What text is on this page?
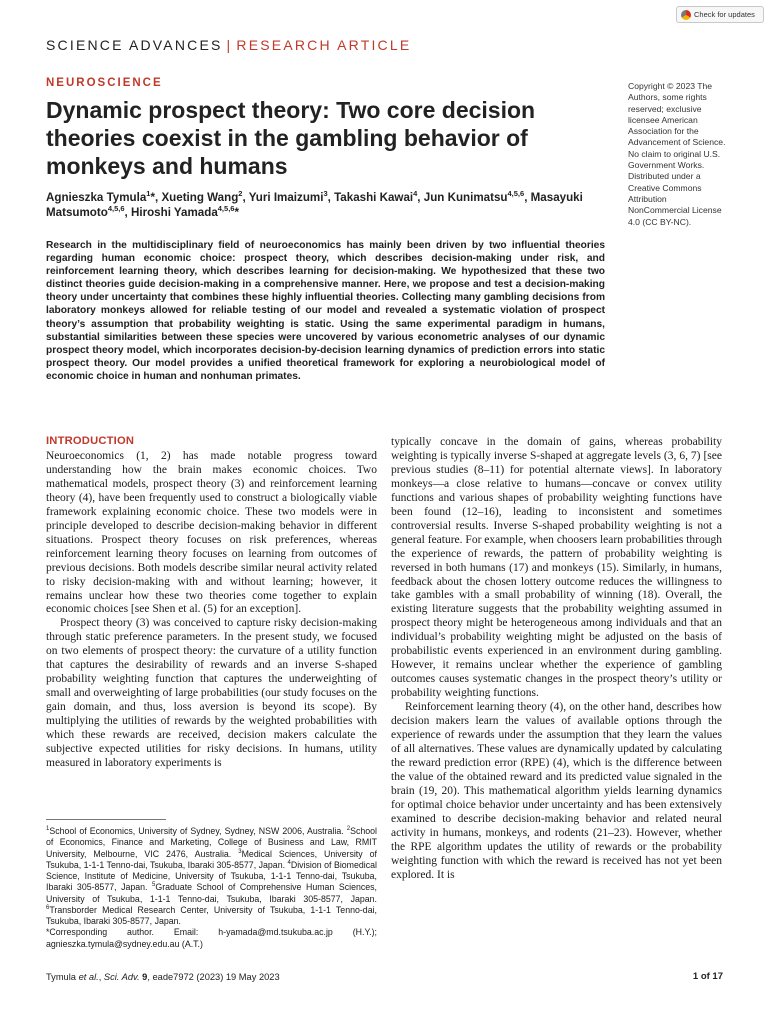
Check for updates
SCIENCE ADVANCES | RESEARCH ARTICLE
NEUROSCIENCE
Dynamic prospect theory: Two core decision theories coexist in the gambling behavior of monkeys and humans
Agnieszka Tymula$^1$*, Xueting Wang$^2$, Yuri Imaizumi$^3$, Takashi Kawai$^4$, Jun Kunimatsu$^{4,5,6}$, Masayuki Matsumoto$^{4,5,6}$, Hiroshi Yamada$^{4,5,6}$*
Copyright © 2023 The Authors, some rights reserved; exclusive licensee American Association for the Advancement of Science. No claim to original U.S. Government Works. Distributed under a Creative Commons Attribution NonCommercial License 4.0 (CC BY-NC).

Research in the multidisciplinary field of neuroeconomics has mainly been driven by two influential theories regarding human economic choice: prospect theory, which describes decision-making under risk, and reinforcement learning theory, which describes learning for decision-making. We hypothesized that these two distinct theories guide decision-making in a comprehensive manner. Here, we propose and test a decision-making theory under uncertainty that combines these highly influential theories. Collecting many gambling decisions from laboratory monkeys allowed for reliable testing of our model and revealed a systematic violation of prospect theory’s assumption that probability weighting is static. Using the same experimental paradigm in humans, substantial similarities between these species were uncovered by various econometric analyses of our dynamic prospect theory model, which incorporates decision-by-decision learning dynamics of prediction errors into static prospect theory. Our model provides a unified theoretical framework for exploring a neurobiological model of economic choice in human and nonhuman primates.

INTRODUCTION

Neuroeconomics (1, 2) has made notable progress toward understanding how the brain makes economic choices. Two mathematical models, prospect theory (3) and reinforcement learning theory (4), have been frequently used to construct a biologically viable framework explaining economic choice. These two models were in principle developed to describe decision-making behavior in different situations. Prospect theory focuses on risk preferences, whereas reinforcement learning theory focuses on learning from outcomes of previous decisions. Both models describe similar neural activity related to risky decision-making with and without learning; however, it remains unclear how these two theories come together to explain economic choices [see Shen et al. (5) for an exception].

Prospect theory (3) was conceived to capture risky decision-making through static preference parameters. In the present study, we focused on two elements of prospect theory: the curvature of a utility function that captures the desirability of rewards and an inverse S-shaped probability weighting function that captures the underweighting of small and overweighting of large probabilities (our study focuses on the gain domain, and thus, loss aversion is beyond its scope). By multiplying the utilities of rewards by the weighted probabilities with which these rewards are received, decision makers calculate the subjective expected utilities for risky decisions. In humans, utility measured in laboratory experiments is

typically concave in the domain of gains, whereas probability weighting is typically inverse S-shaped at aggregate levels (3, 6, 7) [see previous studies (8–11) for potential alternate views]. In laboratory monkeys—a close relative to humans—concave or convex utility functions and various shapes of probability weighting functions have been found (12–16), leading to inconsistent and sometimes controversial results. Inverse S-shaped probability weighting is not a general feature. For example, when choosers learn probabilities through the experience of rewards, the pattern of probability weighting is reversed in both humans (17) and monkeys (15). Similarly, in humans, feedback about the chosen lottery outcome reduces the willingness to take gambles with a small probability of winning (18). Overall, the existing literature suggests that the probability weighting assumed in prospect theory might be heterogeneous among individuals and that an individual’s probability weighting might be adjusted on the basis of probabilistic events experienced in an environment during gambling. However, it remains unclear whether the experience of gambling outcomes causes systematic changes in the prospect theory’s utility or probability weighting functions.

Reinforcement learning theory (4), on the other hand, describes how decision makers learn the values of available options through the experience of rewards under the assumption that they learn the values of all alternatives. These values are dynamically updated by calculating the reward prediction error (RPE) (4), which is the difference between the value of the obtained reward and its predicted value signaled in the brain (19, 20). This mathematical algorithm yields learning dynamics for optimal choice behavior under uncertainty and has been extensively examined to describe decision-making behavior and related neural activity in humans, monkeys, and rodents (21–23). However, whether the RPE algorithm updates the utility of rewards or the probability weighting function with which the reward is received has not yet been explored. It is

$^1$School of Economics, University of Sydney, Sydney, NSW 2006, Australia. $^2$School of Economics, Finance and Marketing, College of Business and Law, RMIT University, Melbourne, VIC 2476, Australia. $^3$Medical Sciences, University of Tsukuba, 1-1-1 Tenno-dai, Tsukuba, Ibaraki 305-8577, Japan. $^4$Division of Biomedical Science, Institute of Medicine, University of Tsukuba, 1-1-1 Tenno-dai, Tsukuba, Ibaraki 305-8577, Japan. $^5$Graduate School of Comprehensive Human Sciences, University of Tsukuba, 1-1-1 Tenno-dai, Tsukuba, Ibaraki 305-8577, Japan. $^6$Transborder Medical Research Center, University of Tsukuba, 1-1-1 Tenno-dai, Tsukuba, Ibaraki 305-8577, Japan.

*Corresponding author. Email: h-yamada@md.tsukuba.ac.jp (H.Y.); agnieszka.tymula@sydney.edu.au (A.T.)

Tymula et al., Sci. Adv. 9, eade7972 (2023) 19 May 2023	1 of 17
